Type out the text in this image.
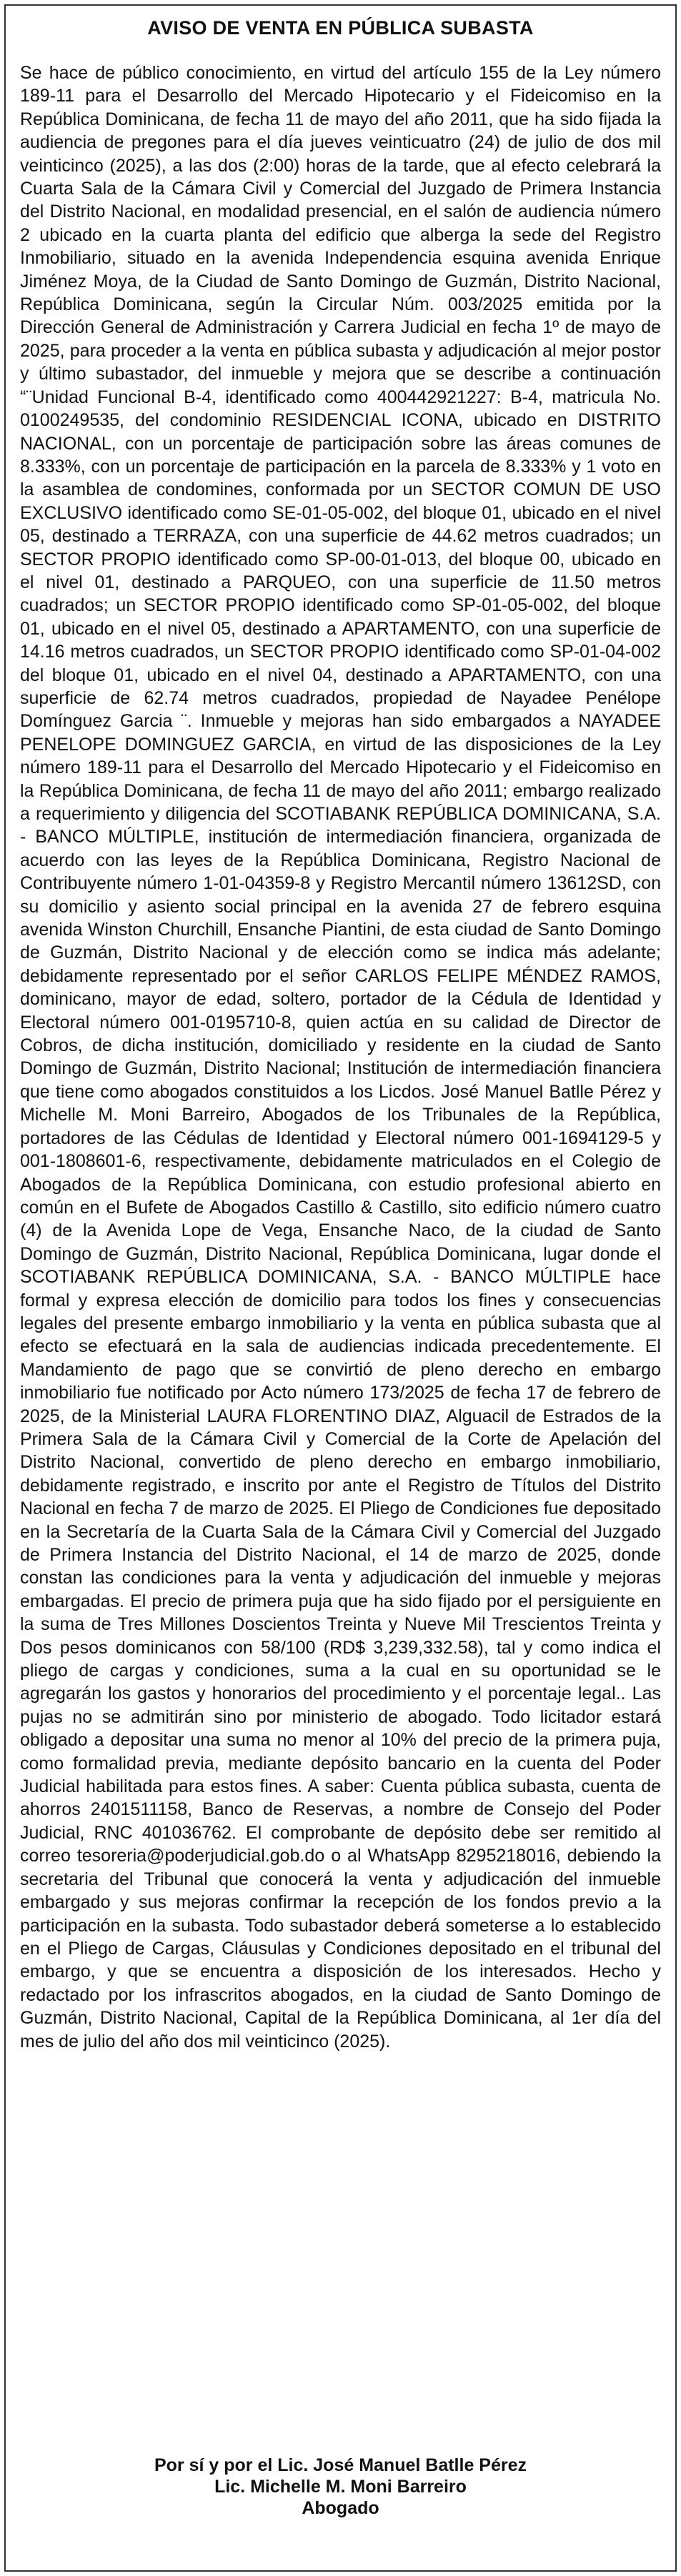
AVISO DE VENTA EN PÚBLICA SUBASTA

Se hace de público conocimiento, en virtud del artículo 155 de la Ley número 189-11 para el Desarrollo del Mercado Hipotecario y el Fideicomiso en la República Dominicana, de fecha 11 de mayo del año 2011, que ha sido fijada la audiencia de pregones para el día jueves veinticuatro (24) de julio de dos mil veinticinco (2025), a las dos (2:00) horas de la tarde, que al efecto celebrará la Cuarta Sala de la Cámara Civil y Comercial del Juzgado de Primera Instancia del Distrito Nacional, en modalidad presencial, en el salón de audiencia número 2 ubicado en la cuarta planta del edificio que alberga la sede del Registro Inmobiliario, situado en la avenida Independencia esquina avenida Enrique Jiménez Moya, de la Ciudad de Santo Domingo de Guzmán, Distrito Nacional, República Dominicana, según la Circular Núm. 003/2025 emitida por la Dirección General de Administración y Carrera Judicial en fecha 1º de mayo de 2025, para proceder a la venta en pública subasta y adjudicación al mejor postor y último subastador, del inmueble y mejora que se describe a continuación “¨Unidad Funcional B-4, identificado como 400442921227: B-4, matricula No. 0100249535, del condominio RESIDENCIAL ICONA, ubicado en DISTRITO NACIONAL, con un porcentaje de participación sobre las áreas comunes de 8.333%, con un porcentaje de participación en la parcela de 8.333% y 1 voto en la asamblea de condomines, conformada por un SECTOR COMUN DE USO EXCLUSIVO identificado como SE-01-05-002, del bloque 01, ubicado en el nivel 05, destinado a TERRAZA, con una superficie de 44.62 metros cuadrados; un SECTOR PROPIO identificado como SP-00-01-013, del bloque 00, ubicado en el nivel 01, destinado a PARQUEO, con una superficie de 11.50 metros cuadrados; un SECTOR PROPIO identificado como SP-01-05-002, del bloque 01, ubicado en el nivel 05, destinado a APARTAMENTO, con una superficie de 14.16 metros cuadrados, un SECTOR PROPIO identificado como SP-01-04-002 del bloque 01, ubicado en el nivel 04, destinado a APARTAMENTO, con una superficie de 62.74 metros cuadrados, propiedad de Nayadee Penélope Domínguez Garcia ¨. Inmueble y mejoras han sido embargados a NAYADEE PENELOPE DOMINGUEZ GARCIA, en virtud de las disposiciones de la Ley número 189-11 para el Desarrollo del Mercado Hipotecario y el Fideicomiso en la República Dominicana, de fecha 11 de mayo del año 2011; embargo realizado a requerimiento y diligencia del SCOTIABANK REPÚBLICA DOMINICANA, S.A. - BANCO MÚLTIPLE, institución de intermediación financiera, organizada de acuerdo con las leyes de la República Dominicana, Registro Nacional de Contribuyente número 1-01-04359-8 y Registro Mercantil número 13612SD, con su domicilio y asiento social principal en la avenida 27 de febrero esquina avenida Winston Churchill, Ensanche Piantini, de esta ciudad de Santo Domingo de Guzmán, Distrito Nacional y de elección como se indica más adelante; debidamente representado por el señor CARLOS FELIPE MÉNDEZ RAMOS, dominicano, mayor de edad, soltero, portador de la Cédula de Identidad y Electoral número 001-0195710-8, quien actúa en su calidad de Director de Cobros, de dicha institución, domiciliado y residente en la ciudad de Santo Domingo de Guzmán, Distrito Nacional; Institución de intermediación financiera que tiene como abogados constituidos a los Licdos. José Manuel Batlle Pérez y Michelle M. Moni Barreiro, Abogados de los Tribunales de la República, portadores de las Cédulas de Identidad y Electoral número 001-1694129-5 y 001-1808601-6, respectivamente, debidamente matriculados en el Colegio de Abogados de la República Dominicana, con estudio profesional abierto en común en el Bufete de Abogados Castillo & Castillo, sito edificio número cuatro (4) de la Avenida Lope de Vega, Ensanche Naco, de la ciudad de Santo Domingo de Guzmán, Distrito Nacional, República Dominicana, lugar donde el SCOTIABANK REPÚBLICA DOMINICANA, S.A. - BANCO MÚLTIPLE hace formal y expresa elección de domicilio para todos los fines y consecuencias legales del presente embargo inmobiliario y la venta en pública subasta que al efecto se efectuará en la sala de audiencias indicada precedentemente. El Mandamiento de pago que se convirtió de pleno derecho en embargo inmobiliario fue notificado por Acto número 173/2025 de fecha 17 de febrero de 2025, de la Ministerial LAURA FLORENTINO DIAZ, Alguacil de Estrados de la Primera Sala de la Cámara Civil y Comercial de la Corte de Apelación del Distrito Nacional, convertido de pleno derecho en embargo inmobiliario, debidamente registrado, e inscrito por ante el Registro de Títulos del Distrito Nacional en fecha 7 de marzo de 2025. El Pliego de Condiciones fue depositado en la Secretaría de la Cuarta Sala de la Cámara Civil y Comercial del Juzgado de Primera Instancia del Distrito Nacional, el 14 de marzo de 2025, donde constan las condiciones para la venta y adjudicación del inmueble y mejoras embargadas. El precio de primera puja que ha sido fijado por el persiguiente en la suma de Tres Millones Doscientos Treinta y Nueve Mil Trescientos Treinta y Dos pesos dominicanos con 58/100 (RD$ 3,239,332.58), tal y como indica el pliego de cargas y condiciones, suma a la cual en su oportunidad se le agregarán los gastos y honorarios del procedimiento y el porcentaje legal.. Las pujas no se admitirán sino por ministerio de abogado. Todo licitador estará obligado a depositar una suma no menor al 10% del precio de la primera puja, como formalidad previa, mediante depósito bancario en la cuenta del Poder Judicial habilitada para estos fines. A saber: Cuenta pública subasta, cuenta de ahorros 2401511158, Banco de Reservas, a nombre de Consejo del Poder Judicial, RNC 401036762. El comprobante de depósito debe ser remitido al correo tesoreria@poderjudicial.gob.do o al WhatsApp 8295218016, debiendo la secretaria del Tribunal que conocerá la venta y adjudicación del inmueble embargado y sus mejoras confirmar la recepción de los fondos previo a la participación en la subasta. Todo subastador deberá someterse a lo establecido en el Pliego de Cargas, Cláusulas y Condiciones depositado en el tribunal del embargo, y que se encuentra a disposición de los interesados. Hecho y redactado por los infrascritos abogados, en la ciudad de Santo Domingo de Guzmán, Distrito Nacional, Capital de la República Dominicana, al 1er día del mes de julio del año dos mil veinticinco (2025).

Por sí y por el Lic. José Manuel Batlle Pérez
Lic. Michelle M. Moni Barreiro
Abogado
